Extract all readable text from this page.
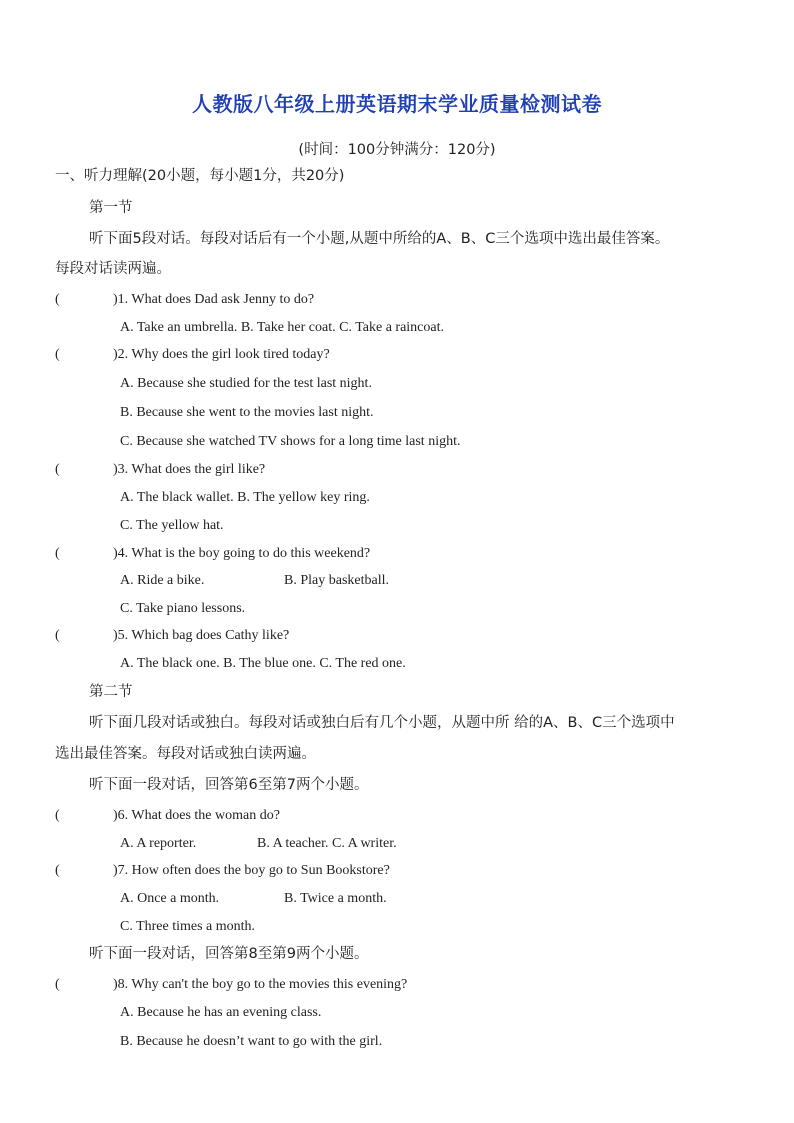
人教版八年级上册英语期末学业质量检测试卷
(时间：100分钟满分：120分)
一、听力理解(20小题，每小题1分，共20分)
第一节
听下面5段对话。每段对话后有一个小题,从题中所给的A、B、C三个选项中选出最佳答案。
每段对话读两遍。
(	)1. What does Dad ask Jenny to do?
A. Take an umbrella. B. Take her coat. C. Take a raincoat.
(	)2. Why does the girl look tired today?
A. Because she studied for the test last night.
B. Because she went to the movies last night.
C. Because she watched TV shows for a long time last night.
(	)3. What does the girl like?
A. The black wallet. B. The yellow key ring.
C. The yellow hat.
(	)4. What is the boy going to do this weekend?
A. Ride a bike.	B. Play basketball.
C. Take piano lessons.
(	)5. Which bag does Cathy like?
A. The black one. B. The blue one. C. The red one.
第二节
听下面几段对话或独白。每段对话或独白后有几个小题，从题中所 给的A、B、C三个选项中
选出最佳答案。每段对话或独白读两遍。
听下面一段对话，回答第6至第7两个小题。
(	)6. What does the woman do?
A. A reporter.	B. A teacher. C. A writer.
(	)7. How often does the boy go to Sun Bookstore?
A. Once a month.	B. Twice a month.
C. Three times a month.
听下面一段对话，回答第8至第9两个小题。
(	)8. Why can't the boy go to the movies this evening?
A. Because he has an evening class.
B. Because he doesn’t want to go with the girl.
